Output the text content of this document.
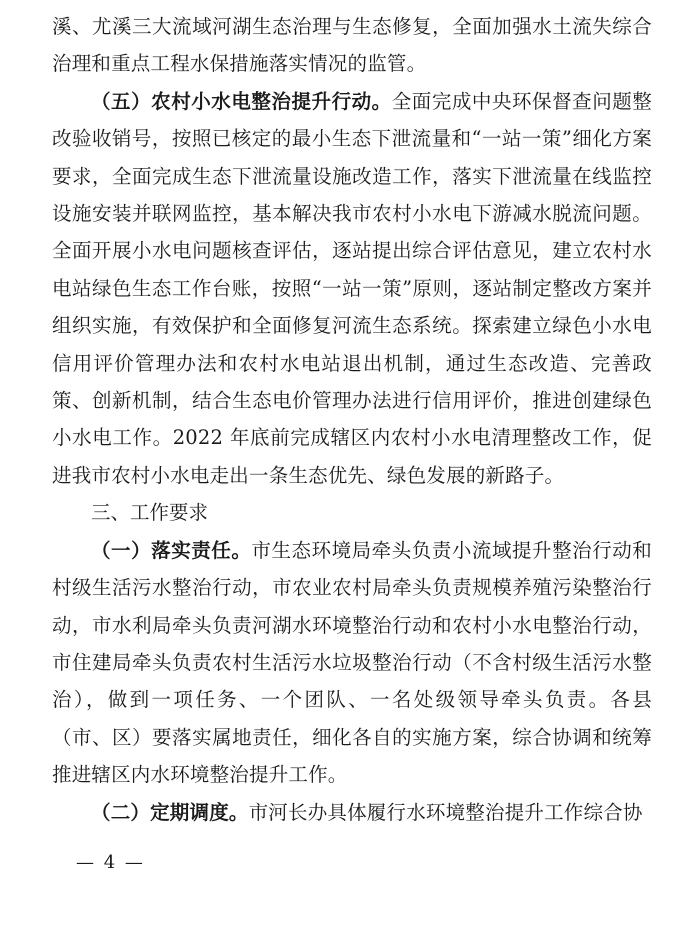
溪、尤溪三大流域河湖生态治理与生态修复，全面加强水土流失综合治理和重点工程水保措施落实情况的监管。

（五）农村小水电整治提升行动。全面完成中央环保督查问题整改验收销号，按照已核定的最小生态下泄流量和“一站一策”细化方案要求，全面完成生态下泄流量设施改造工作，落实下泄流量在线监控设施安装并联网监控，基本解决我市农村小水电下游减水脱流问题。全面开展小水电问题核查评估，逐站提出综合评估意见，建立农村水电站绿色生态工作台账，按照“一站一策”原则，逐站制定整改方案并组织实施，有效保护和全面修复河流生态系统。探索建立绿色小水电信用评价管理办法和农村水电站退出机制，通过生态改造、完善政策、创新机制，结合生态电价管理办法进行信用评价，推进创建绿色小水电工作。2022 年底前完成辖区内农村小水电清理整改工作，促进我市农村小水电走出一条生态优先、绿色发展的新路子。

三、工作要求

（一）落实责任。市生态环境局牵头负责小流域提升整治行动和村级生活污水整治行动，市农业农村局牵头负责规模养殖污染整治行动，市水利局牵头负责河湖水环境整治行动和农村小水电整治行动，市住建局牵头负责农村生活污水垃圾整治行动（不含村级生活污水整治），做到一项任务、一个团队、一名处级领导牵头负责。各县（市、区）要落实属地责任，细化各自的实施方案，综合协调和统筹推进辖区内水环境整治提升工作。

（二）定期调度。市河长办具体履行水环境整治提升工作综合协

— 4 —
